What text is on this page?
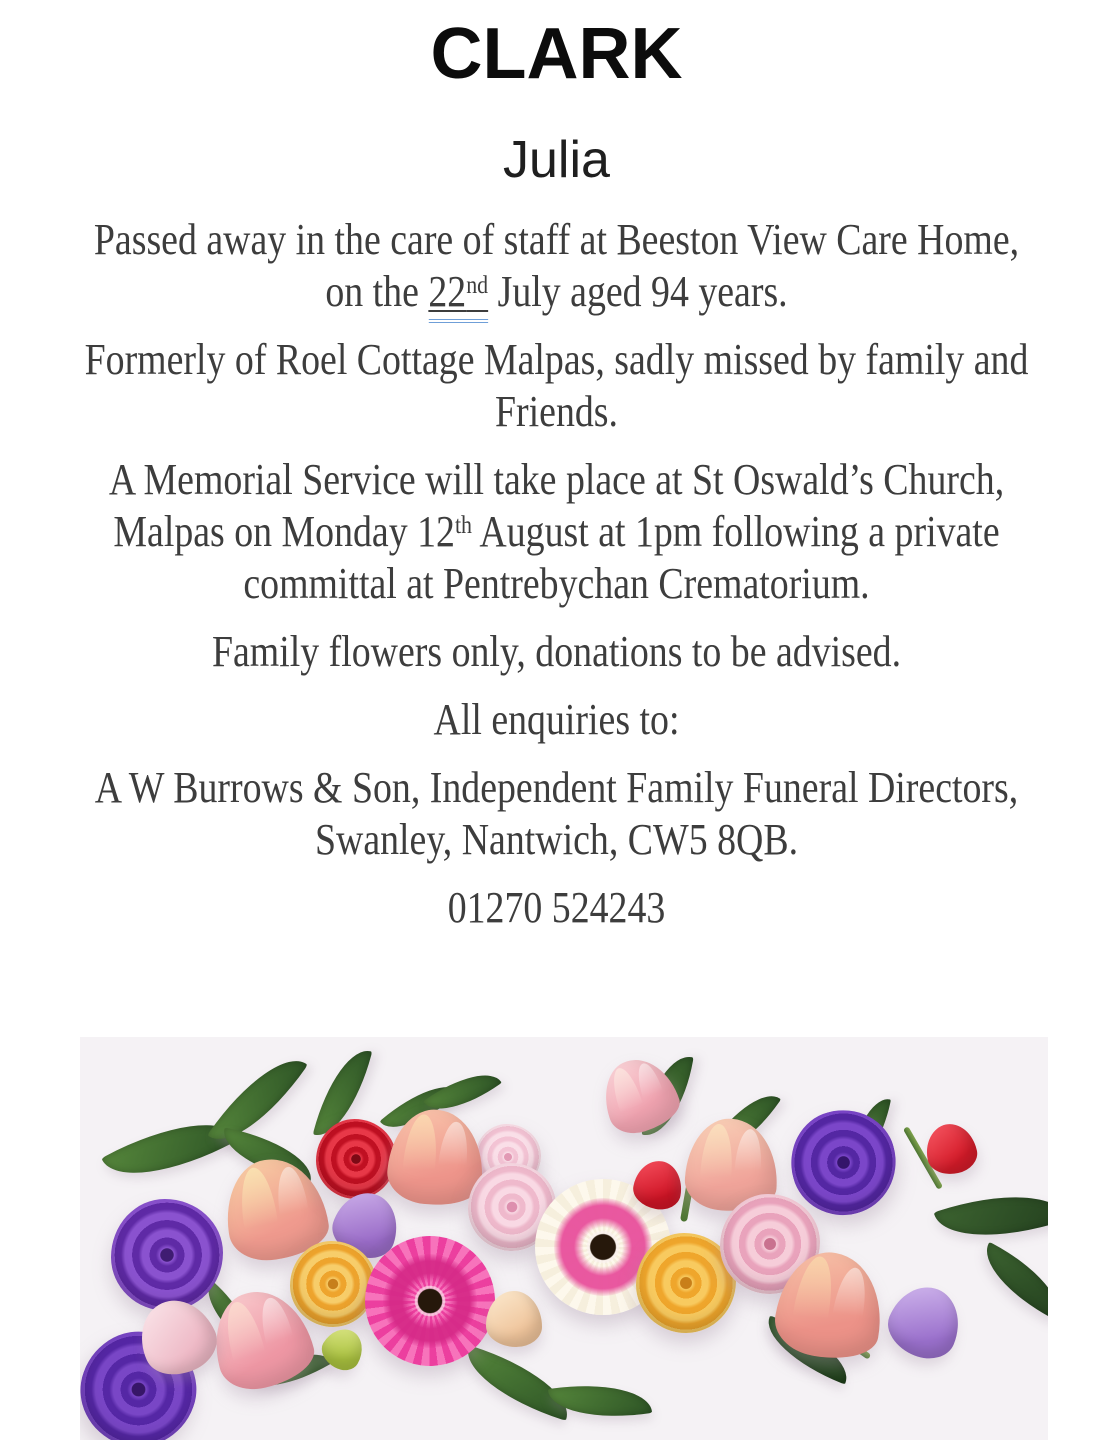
CLARK
Julia

Passed away in the care of staff at Beeston View Care Home,
on the 22nd July aged 94 years.

Formerly of Roel Cottage Malpas, sadly missed by family and
Friends.

A Memorial Service will take place at St Oswald’s Church,
Malpas on Monday 12th August at 1pm following a private
committal at Pentrebychan Crematorium.

Family flowers only, donations to be advised.

All enquiries to:

A W Burrows & Son, Independent Family Funeral Directors,
Swanley, Nantwich, CW5 8QB.

01270 524243
